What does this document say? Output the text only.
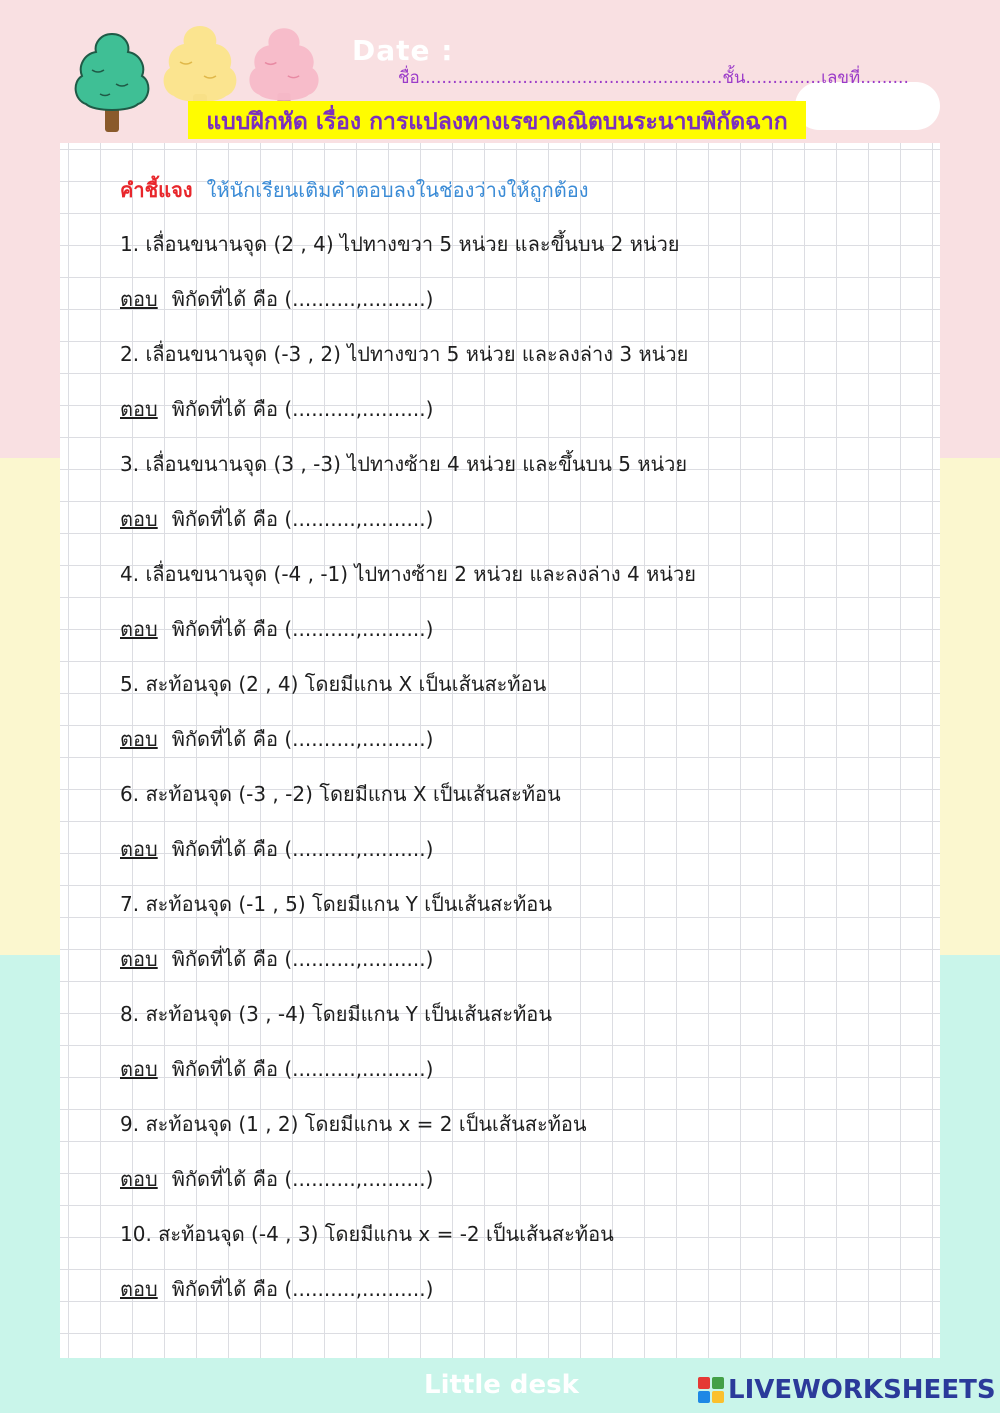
Date :
ชื่อ........................................................ชั้น..............เลขที่.........
แบบฝึกหัด เรื่อง การแปลงทางเรขาคณิตบนระนาบพิกัดฉาก
คำชี้แจง ให้นักเรียนเติมคำตอบลงในช่องว่างให้ถูกต้อง
1. เลื่อนขนานจุด (2 , 4) ไปทางขวา 5 หน่วย และขึ้นบน 2 หน่วย
ตอบ พิกัดที่ได้ คือ (..........,..........)
2. เลื่อนขนานจุด (-3 , 2) ไปทางขวา 5 หน่วย และลงล่าง 3 หน่วย
ตอบ พิกัดที่ได้ คือ (..........,..........)
3. เลื่อนขนานจุด (3 , -3) ไปทางซ้าย 4 หน่วย และขึ้นบน 5 หน่วย
ตอบ พิกัดที่ได้ คือ (..........,..........)
4. เลื่อนขนานจุด (-4 , -1) ไปทางซ้าย 2 หน่วย และลงล่าง 4 หน่วย
ตอบ พิกัดที่ได้ คือ (..........,..........)
5. สะท้อนจุด (2 , 4) โดยมีแกน X เป็นเส้นสะท้อน
ตอบ พิกัดที่ได้ คือ (..........,..........)
6. สะท้อนจุด (-3 , -2) โดยมีแกน X เป็นเส้นสะท้อน
ตอบ พิกัดที่ได้ คือ (..........,..........)
7. สะท้อนจุด (-1 , 5) โดยมีแกน Y เป็นเส้นสะท้อน
ตอบ พิกัดที่ได้ คือ (..........,..........)
8. สะท้อนจุด (3 , -4) โดยมีแกน Y เป็นเส้นสะท้อน
ตอบ พิกัดที่ได้ คือ (..........,..........)
9. สะท้อนจุด (1 , 2) โดยมีแกน x = 2 เป็นเส้นสะท้อน
ตอบ พิกัดที่ได้ คือ (..........,..........)
10. สะท้อนจุด (-4 , 3) โดยมีแกน x = -2 เป็นเส้นสะท้อน
ตอบ พิกัดที่ได้ คือ (..........,..........)
Little desk	LIVEWORKSHEETS
